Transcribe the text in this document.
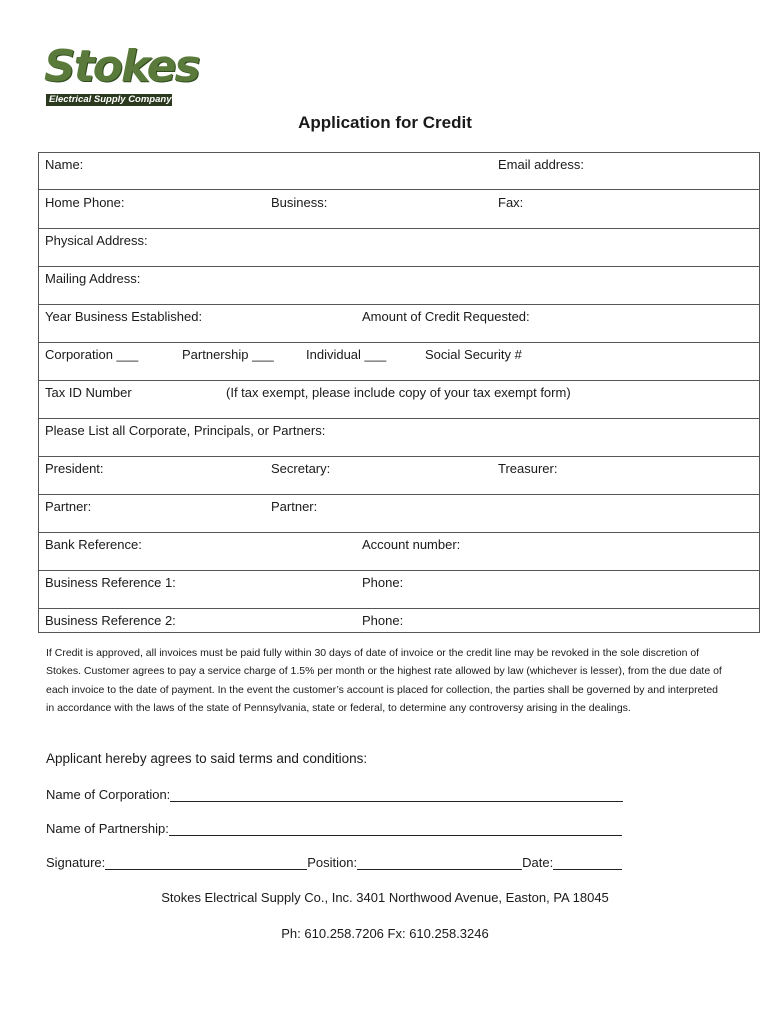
Stokes
Electrical Supply Company
Application for Credit
Name:	Email address:
Home Phone:	Business:	Fax:
Physical Address:
Mailing Address:
Year Business Established:	Amount of Credit Requested:
Corporation ___	Partnership ___ Individual ___	Social Security #
Tax ID Number	(If tax exempt, please include copy of your tax exempt form)
Please List all Corporate, Principals, or Partners:
President:	Secretary:	Treasurer:
Partner:	Partner:
Bank Reference:	Account number:
Business Reference 1:	Phone:
Business Reference 2:	Phone:
If Credit is approved, all invoices must be paid fully within 30 days of date of invoice or the credit line may be revoked in the sole discretion of Stokes. Customer agrees to pay a service charge of 1.5% per month or the highest rate allowed by law (whichever is lesser), from the due date of each invoice to the date of payment. In the event the customer’s account is placed for collection, the parties shall be governed by and interpreted in accordance with the laws of the state of Pennsylvania, state or federal, to determine any controversy arising in the dealings.
Applicant hereby agrees to said terms and conditions:
Name of Corporation:
Name of Partnership:
Signature:	Position:	Date:
Stokes Electrical Supply Co., Inc. 3401 Northwood Avenue, Easton, PA 18045
Ph: 610.258.7206 Fx: 610.258.3246
